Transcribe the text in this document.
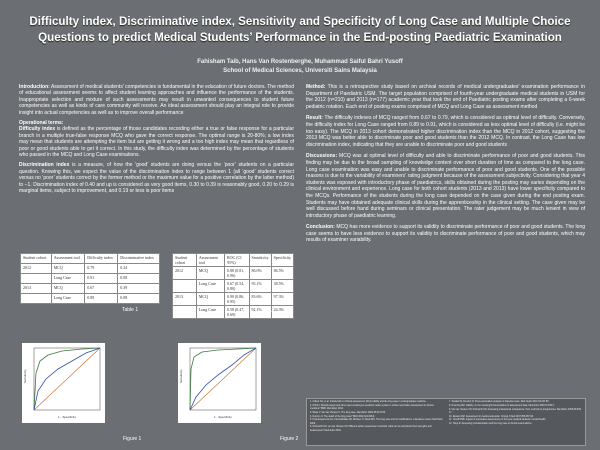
Difficulty index, Discriminative index, Sensitivity and Specificity of Long Case and Multiple Choice
Questions to predict Medical Students’ Performance in the End-posting Paediatric Examination
Fahisham Taib, Hans Van Rostenberghe, Muhammad Saiful Bahri Yusoff
School of Medical Sciences, Universiti Sains Malaysia

Introduction: Assessment of medical students’ competencies is fundamental in the education of future doctors. The method of educational assessment seems to affect student learning approaches and influence the performance of the students. Inappropriate selection and mixture of such assessments may result in unwanted consequences to student future competencies as well as kinds of care community will receive. An ideal assessment should play an integral role to provide insight into actual competencies as well as to improve overall performance

Operational terms:

Difficulty index is defined as the percentage of those candidates recording either a true or false response for a particular branch in a multiple true-false response MCQ who gave the correct response. The optimal range is 20-80%; a low index may mean that students are attempting the item but are getting it wrong and a too high index may mean that regardless of poor or good students able to get it correct. In this study, the difficulty index was determined by the percentage of students who passed in the MCQ and Long Case examinations.

Discrimination index is a measure, of how the ‘good’ students are doing versus the ‘poor’ students on a particular question. Knowing this, we expect the value of the discrimination index to range between 1 (all ‘good’ students correct versus no ‘poor’ students correct by the former method or the maximum value for a positive correlation by the latter method) to −1. Discrimination index of 0.40 and up is considered as very good items, 0.30 to 0.39 is reasonably good, 0.20 to 0.29 is marginal items, subject to improvement, and 0.19 or less is poor items

Student cohort	Assessment tool	Difficulty index	Discriminative index
2012	MCQ	0.79	0.24
	Long Case	0.91	0.08
2013	MCQ	0.67	0.39
	Long Case	0.89	0.08
Table 1
Student cohort	Assessment tool	ROC (CI 95%)	Sensitivity	Specificity
2012	MCQ	0.88 (0.81, 0.96)	86.0%	86.5%
	Long Case	0.67 (0.54, 0.80)	95.1%	38.5%
2013	MCQ	0.90 (0.86, 0.95)	83.6%	97.3%
	Long Case	0.58 (0.47, 0.69)	92.1%	24.3%
Table 2
Sensitivity
1 - Specificity
Figure 1
Sensitivity
1 - Specificity
Figure 2

Method: This is a retrospective study based on archival records of medical undergraduates’ examination performance in Department of Paediatric USM. The target population comprised of fourth-year undergraduate medical students in USM for the 2012 (n=210) and 2013 (n=177) academic year that took the end of Paediatric posting exams after completing a 6-week pediatric rotation. Each end of posting exams comprised of MCQ and Long Case as assessment method

Result: The difficulty indexes of MCQ ranged from 0.67 to 0.79, which is considered as optimal level of difficulty. Conversely, the difficulty index for Long Case ranged from 0.89 to 0.91, which is considered as less optimal level of difficulty (i.e. might be too easy). The MCQ in 2013 cohort demonstrated higher discrimination index than the MCQ in 2012 cohort, suggesting the 2013 MCQ was better able to discriminate poor and good students than the 2012 MCQ. In contrast, the Long Case has low discrimination index, indicating that they are unable to discriminate poor and good students

Discussions: MCQ was at optimal level of difficulty and able to discriminate performance of poor and good students. This finding may be due to the broad sampling of knowledge content over short duration of time as compared to the long case. Long case examination was easy and unable to discriminate performance of poor and good students. One of the possible reasons is due to the variability of examiners’ rating judgment because of the assessment subjectivity. Considering that year 4 students was exposed with introductory phase of paediatrics, skills obtained during the posting may varies depending on the clinical environment and experience. Long case for both cohort students (2013 and 2013) have lower specificity compared to the MCQs. Performance of the students during the long case depended on the case given during the end posting exam. Students may have obtained adequate clinical skills during the apprenticeship in the clinical setting. The case given may be well discussed before hand during seminars or clinical presentation. The rater judgement may be much lenient in view of introductory phase of paediatric learning.

Conclusion: MCQ has more evidence to support its validity to discriminate performance of poor and good students. The long case seems to have less evidence to support its validity to discriminate performance of poor and good students, which may results of examiner variability.

1. Gilbert KA, et al. Introduction to clinical assessment, MCQ validity and the long case in undergraduate medicine.
2. Hift RJ. Should essays and other open-ended-type questions retain a place in written summative assessment in clinical medicine? BMC Med Educ 2014.
3. Wass V, Van der Vleuten C. The long case. Med Educ 2004;38:1176-80.
4. Norcini JJ. The death of the long case? BMJ 2002;324:408-9.
5. Ponnamperuma GG, Karunathilake IM, McAleer S, Davis MH. The long case and its modifications: a literature review. Med Educ 2009.
6. Schuwirth LW, van der Vleuten CP. Different written assessment methods: what can be said about their strengths and weaknesses? Med Educ 2004.
7. Tavakol M, Dennick R. Post-examination analysis of objective tests. Med Teach 2011;33:447-58.
8. Downing SM. Validity: on the meaningful interpretation of assessment data. Med Educ 2003;37:830-7.
9. Van der Vleuten CP, Schuwirth LW. Assessing professional competence: from methods to programmes. Med Educ 2005;39:309-17.
10. Epstein RM. Assessment in medical education. N Engl J Med 2007;356:387-96.
11. Yusoff MSB. Impact of summative assessment on first year medical students’ mental health.
12. Hays R. Assessing professionalism and the long case in clinical examinations.
